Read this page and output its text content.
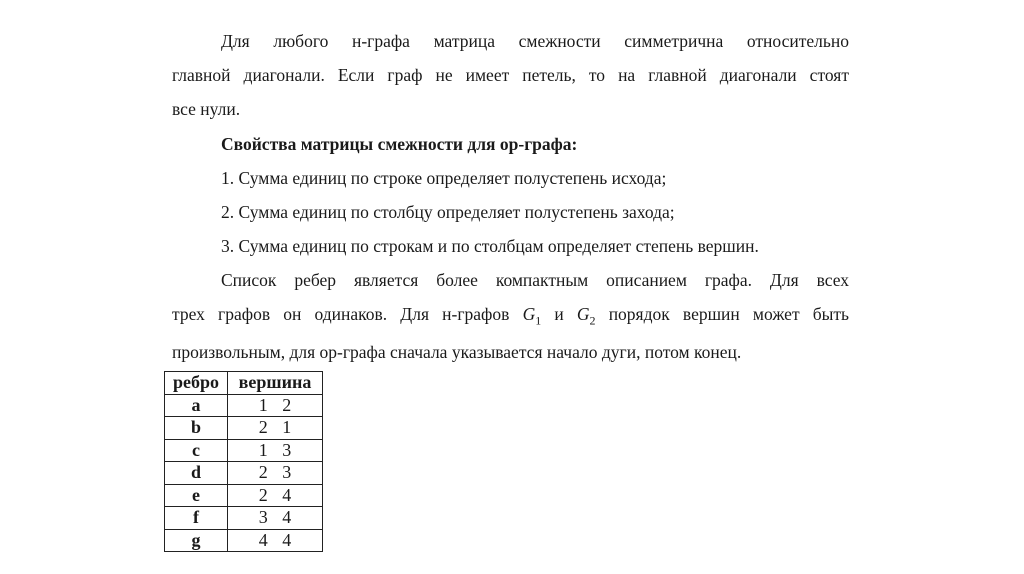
Для любого н-графа матрица смежности симметрична относительно
главной диагонали. Если граф не имеет петель, то на главной диагонали стоят
все нули.
Свойства матрицы смежности для ор-графа:
1. Сумма единиц по строке определяет полустепень исхода;
2. Сумма единиц по столбцу определяет полустепень захода;
3. Сумма единиц по строкам и по столбцам определяет степень вершин.
Список ребер является более компактным описанием графа. Для всех
трех графов он одинаков. Для н-графов $G_1$ и $G_2$ порядок вершин может быть
произвольным, для ор-графа сначала указывается начало дуги, потом конец.
ребро	вершина
a	1 2
b	2 1
c	1 3
d	2 3
e	2 4
f	3 4
g	4 4
